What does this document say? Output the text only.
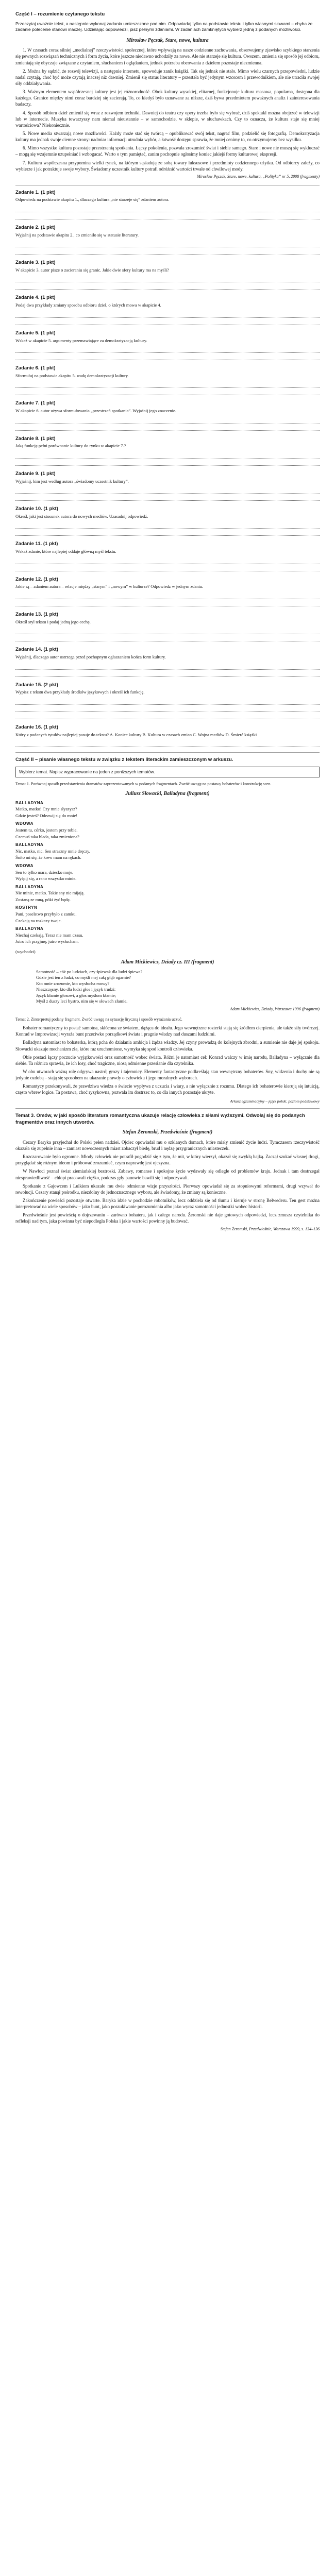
Część I – rozumienie czytanego tekstu

Przeczytaj uważnie tekst, a następnie wykonaj zadania umieszczone pod nim. Odpowiadaj tylko na podstawie tekstu i tylko własnymi słowami – chyba że zadanie polecenie stanowi inaczej. Udzielając odpowiedzi, pisz pełnymi zdaniami. W zadaniach zamkniętych wybierz jedną z podanych możliwości.

Mirosław Pęczak, Stare, nowe, kultura

1. W czasach coraz silniej „medialnej” rzeczywistości społecznej, które wpływają na nasze codzienne zachowania, obserwujemy zjawisko szybkiego starzenia się pewnych rozwiązań technicznych i form życia, które jeszcze niedawno uchodziły za nowe. Ale nie starzeje się kultura. Owszem, zmienia się sposób jej odbioru, zmieniają się obyczaje związane z czytaniem, słuchaniem i oglądaniem, jednak potrzeba obcowania z dziełem pozostaje niezmienna.

2. Można by sądzić, że rozwój telewizji, a następnie internetu, spowoduje zanik książki. Tak się jednak nie stało. Mimo wielu czarnych przepowiedni, ludzie nadal czytają, choć być może czytają inaczej niż dawniej. Zmienił się status literatury – przestała być jedynym wzorcem i przewodnikiem, ale nie utraciła swojej siły oddziaływania.

3. Ważnym elementem współczesnej kultury jest jej różnorodność. Obok kultury wysokiej, elitarnej, funkcjonuje kultura masowa, popularna, dostępna dla każdego. Granice między nimi coraz bardziej się zacierają. To, co kiedyś było uznawane za niższe, dziś bywa przedmiotem poważnych analiz i zainteresowania badaczy.

4. Sposób odbioru dzieł zmienił się wraz z rozwojem techniki. Dawniej do teatru czy opery trzeba było się wybrać, dziś spektakl można obejrzeć w telewizji lub w internecie. Muzyka towarzyszy nam niemal nieustannie – w samochodzie, w sklepie, w słuchawkach. Czy to oznacza, że kultura staje się mniej wartościowa? Niekoniecznie.

5. Nowe media stwarzają nowe możliwości. Każdy może stać się twórcą – opublikować swój tekst, nagrać film, podzielić się fotografią. Demokratyzacja kultury ma jednak swoje ciemne strony: nadmiar informacji utrudnia wybór, a łatwość dostępu sprawia, że mniej cenimy to, co otrzymujemy bez wysiłku.

6. Mimo wszystko kultura pozostaje przestrzenią spotkania. Łączy pokolenia, pozwala zrozumieć świat i siebie samego. Stare i nowe nie muszą się wykluczać – mogą się wzajemnie uzupełniać i wzbogacać. Warto o tym pamiętać, zanim pochopnie ogłosimy koniec jakiejś formy kulturowej ekspresji.

7. Kultura współczesna przypomina wielki rynek, na którym sąsiadują ze sobą towary luksusowe i przedmioty codziennego użytku. Od odbiorcy zależy, co wybierze i jak potraktuje swoje wybory. Świadomy uczestnik kultury potrafi odróżnić wartości trwałe od chwilowej mody.

Mirosław Pęczak, Stare, nowe, kultura, „Polityka” nr 5, 2008 (fragmenty)

Zadanie 1. (1 pkt)

Odpowiedz na podstawie akapitu 1., dlaczego kultura „nie starzeje się” zdaniem autora.

Zadanie 2. (1 pkt)

Wyjaśnij na podstawie akapitu 2., co zmieniło się w statusie literatury.

Zadanie 3. (1 pkt)

W akapicie 3. autor pisze o zacieraniu się granic. Jakie dwie sfery kultury ma na myśli?

Zadanie 4. (1 pkt)

Podaj dwa przykłady zmiany sposobu odbioru dzieł, o których mowa w akapicie 4.

Zadanie 5. (1 pkt)

Wskaż w akapicie 5. argumenty przemawiające za demokratyzacją kultury.

Zadanie 6. (1 pkt)

Sformułuj na podstawie akapitu 5. wadę demokratyzacji kultury.

Zadanie 7. (1 pkt)

W akapicie 6. autor używa sformułowania „przestrzeń spotkania”. Wyjaśnij jego znaczenie.

Zadanie 8. (1 pkt)

Jaką funkcję pełni porównanie kultury do rynku w akapicie 7.?

Zadanie 9. (1 pkt)

Wyjaśnij, kim jest według autora „świadomy uczestnik kultury”.

Zadanie 10. (1 pkt)

Określ, jaki jest stosunek autora do nowych mediów. Uzasadnij odpowiedź.

Zadanie 11. (1 pkt)

Wskaż zdanie, które najlepiej oddaje główną myśl tekstu.

Zadanie 12. (1 pkt)

Jakie są – zdaniem autora – relacje między „starym” i „nowym” w kulturze? Odpowiedz w jednym zdaniu.

Zadanie 13. (1 pkt)

Określ styl tekstu i podaj jedną jego cechę.

Zadanie 14. (1 pkt)

Wyjaśnij, dlaczego autor ostrzega przed pochopnym ogłaszaniem końca form kultury.

Zadanie 15. (2 pkt)

Wypisz z tekstu dwa przykłady środków językowych i określ ich funkcję.

Zadanie 16. (1 pkt)

Który z podanych tytułów najlepiej pasuje do tekstu? A. Koniec kultury B. Kultura w czasach zmian C. Wojna mediów D. Śmierć książki

Część II – pisanie własnego tekstu w związku z tekstem literackim zamieszczonym w arkuszu.

Wybierz temat. Napisz wypracowanie na jeden z poniższych tematów.

Temat 1. Porównaj sposób przedstawienia dramatów zaprezentowanych w podanych fragmentach. Zwróć uwagę na postawy bohaterów i konstrukcję scen.

Juliusz Słowacki, Balladyna (fragment)

BALLADYNA

Matko, matko! Czy mnie słyszysz?

Gdzie jesteś? Odezwij się do mnie!

WDOWA

Jestem tu, córko, jestem przy tobie.

Czemuś taka blada, taka zmieniona?

BALLADYNA

Nic, matko, nic. Sen straszny mnie dręczy.

Śniło mi się, że krew mam na rękach.

WDOWA

Sen to tylko mara, dziecko moje.

Wyśpij się, a rano wszystko minie.

BALLADYNA

Nie minie, matko. Takie sny nie mijają.

Zostaną ze mną, póki żyć będę.

KOSTRYN

Pani, poselstwo przybyło z zamku.

Czekają na rozkazy twoje.

BALLADYNA

Niechaj czekają. Teraz nie mam czasu.

Jutro ich przyjmę, jutro wysłucham.

(wychodzi)

Adam Mickiewicz, Dziady cz. III (fragment)

Samotność – cóż po ludziach, czy śpiewak dla ludzi śpiewa?

Gdzie jest ten z ludzi, co myśli mej całą głąb ogarnie?

Kto mnie zrozumie, kto wysłucha mowy?

Nieszczęsny, kto dla ludzi głos i język trudzi:

Język kłamie głosowi, a głos myślom kłamie;

Myśl z duszy leci bystro, nim się w słowach złamie.

Adam Mickiewicz, Dziady, Warszawa 1996 (fragment)

Temat 2. Zinterpretuj podany fragment. Zwróć uwagę na sytuację liryczną i sposób wyrażania uczuć.

Bohater romantyczny to postać samotna, skłócona ze światem, dążąca do ideału. Jego wewnętrzne rozterki stają się źródłem cierpienia, ale także siły twórczej. Konrad w Improwizacji wyraża bunt przeciwko porządkowi świata i pragnie władzy nad duszami ludzkimi.

Balladyna natomiast to bohaterka, którą pcha do działania ambicja i żądza władzy. Jej czyny prowadzą do kolejnych zbrodni, a sumienie nie daje jej spokoju. Słowacki ukazuje mechanizm zła, które raz uruchomione, wymyka się spod kontroli człowieka.

Obie postaci łączy poczucie wyjątkowości oraz samotność wobec świata. Różni je natomiast cel: Konrad walczy w imię narodu, Balladyna – wyłącznie dla siebie. Ta różnica sprawia, że ich losy, choć tragiczne, niosą odmienne przesłanie dla czytelnika.

W obu utworach ważną rolę odgrywa nastrój grozy i tajemnicy. Elementy fantastyczne podkreślają stan wewnętrzny bohaterów. Sny, widzenia i duchy nie są jedynie ozdobą – stają się sposobem na ukazanie prawdy o człowieku i jego moralnych wyborach.

Romantycy przekonywali, że prawdziwa wiedza o świecie wypływa z uczucia i wiary, a nie wyłącznie z rozumu. Dlatego ich bohaterowie kierują się intuicją, często wbrew logice. Ta postawa, choć ryzykowna, pozwala im dostrzec to, co dla innych pozostaje ukryte.

Arkusz egzaminacyjny – język polski, poziom podstawowy

Temat 3. Omów, w jaki sposób literatura romantyczna ukazuje relację człowieka z siłami wyższymi. Odwołaj się do podanych fragmentów oraz innych utworów.

Stefan Żeromski, Przedwiośnie (fragment)

Cezary Baryka przyjechał do Polski pełen nadziei. Ojciec opowiadał mu o szklanych domach, które miały zmienić życie ludzi. Tymczasem rzeczywistość okazała się zupełnie inna – zamiast nowoczesnych miast zobaczył biedę, brud i nędzę przygranicznych miasteczek.

Rozczarowanie było ogromne. Młody człowiek nie potrafił pogodzić się z tym, że mit, w który wierzył, okazał się zwykłą bajką. Zaczął szukać własnej drogi, przyglądać się różnym ideom i próbować zrozumieć, czym naprawdę jest ojczyzna.

W Nawłoci poznał świat ziemiańskiej beztroski. Zabawy, romanse i spokojne życie wydawały się odległe od problemów kraju. Jednak i tam dostrzegał niesprawiedliwość – chłopi pracowali ciężko, podczas gdy panowie bawili się i odpoczywali.

Spotkanie z Gajowcem i Lulkiem ukazało mu dwie odmienne wizje przyszłości. Pierwszy opowiadał się za stopniowymi reformami, drugi wzywał do rewolucji. Cezary stanął pośrodku, niezdolny do jednoznacznego wyboru, ale świadomy, że zmiany są konieczne.

Zakończenie powieści pozostaje otwarte. Baryka idzie w pochodzie robotników, lecz oddziela się od tłumu i kieruje w stronę Belwederu. Ten gest można interpretować na wiele sposobów – jako bunt, jako poszukiwanie porozumienia albo jako wyraz samotności jednostki wobec historii.

Przedwiośnie jest powieścią o dojrzewaniu – zarówno bohatera, jak i całego narodu. Żeromski nie daje gotowych odpowiedzi, lecz zmusza czytelnika do refleksji nad tym, jaka powinna być niepodległa Polska i jakie wartości powinny ją budować.

Stefan Żeromski, Przedwiośnie, Warszawa 1999, s. 134–136
